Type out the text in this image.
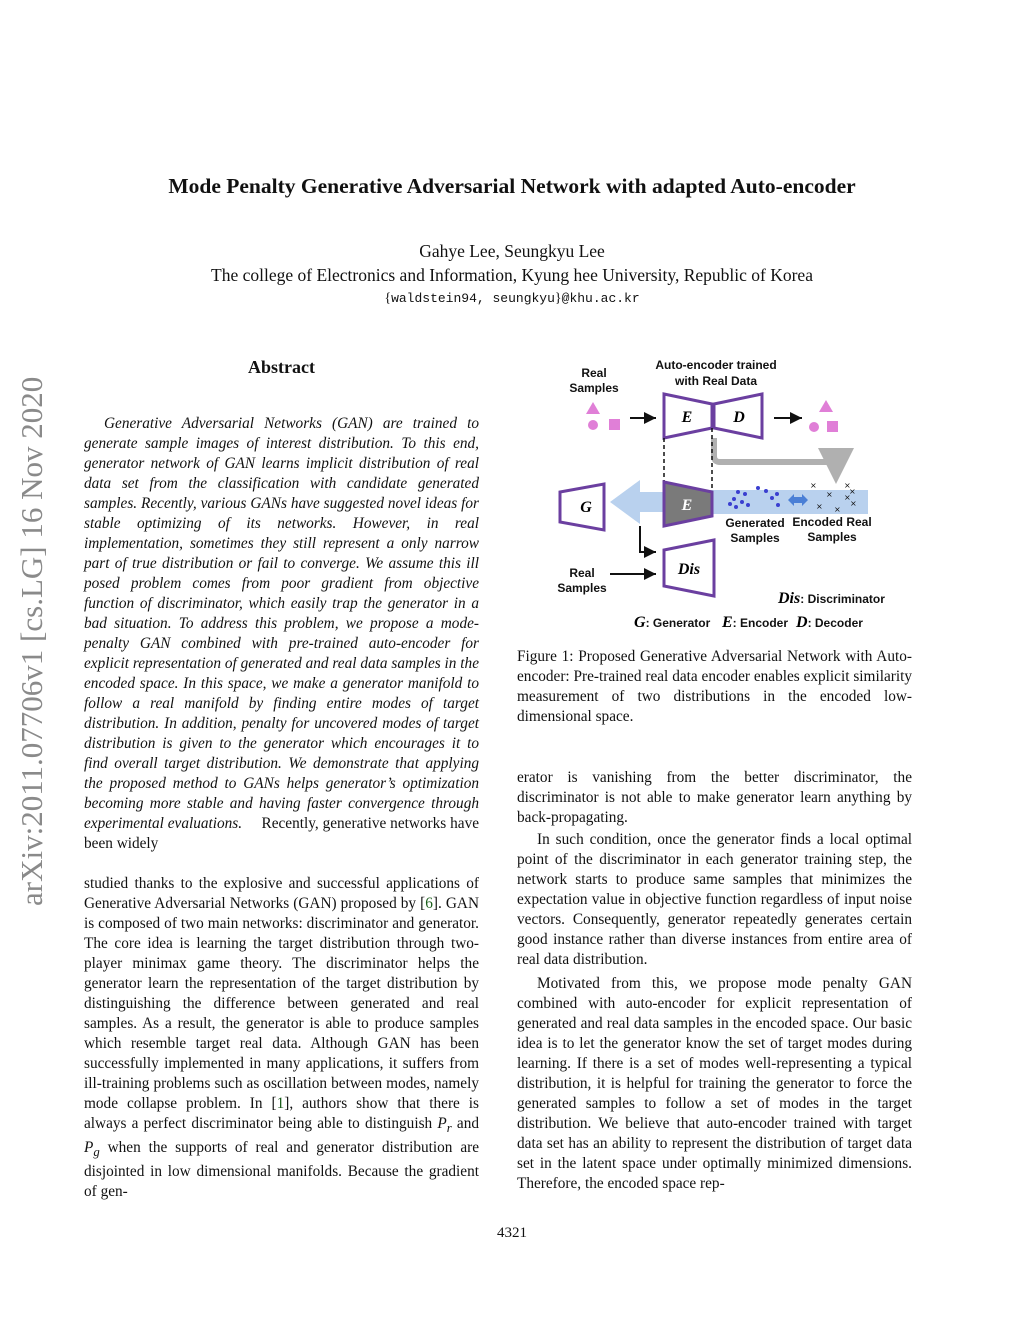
arXiv:2011.07706v1 [cs.LG] 16 Nov 2020
Mode Penalty Generative Adversarial Network with adapted Auto-encoder
Gahye Lee, Seungkyu Lee
The college of Electronics and Information, Kyung hee University, Republic of Korea
{waldstein94, seungkyu}@khu.ac.kr
Abstract
Generative Adversarial Networks (GAN) are trained to generate sample images of interest distribution. To this end, generator network of GAN learns implicit distribution of real data set from the classification with candidate generated samples. Recently, various GANs have suggested novel ideas for stable optimizing of its networks. However, in real implementation, sometimes they still represent a only narrow part of true distribution or fail to converge. We assume this ill posed problem comes from poor gradient from objective function of discriminator, which easily trap the generator in a bad situation. To address this problem, we propose a mode-penalty GAN combined with pre-trained auto-encoder for explicit representation of generated and real data samples in the encoded space. In this space, we make a generator manifold to follow a real manifold by finding entire modes of target distribution. In addition, penalty for uncovered modes of target distribution is given to the generator which encourages it to find overall target distribution. We demonstrate that applying the proposed method to GANs helps generator’s optimization becoming more stable and having faster convergence through experimental evaluations. Recently, generative networks have been widely

studied thanks to the explosive and successful applications of Generative Adversarial Networks (GAN) proposed by [6]. GAN is composed of two main networks: discriminator and generator. The core idea is learning the target distribution through two-player minimax game theory. The discriminator helps the generator learn the representation of the target distribution by distinguishing the difference between generated and real samples. As a result, the generator is able to produce samples which resemble target real data. Although GAN has been successfully implemented in many applications, it suffers from ill-training problems such as oscillation between modes, namely mode collapse problem. In [1], authors show that there is always a perfect discriminator being able to distinguish $P_r$ and $P_g$ when the supports of real and generator distribution are disjointed in low dimensional manifolds. Because the gradient of gen-

Auto-encoder trained
with Real Data
Real
Samples
E	D
G	E
×
×
×
×
×
×
×
×
Generated
Samples
Encoded Real
Samples
Real
Samples
Dis
Dis: Discriminator
G: Generator E: Encoder D: Decoder
Figure 1: Proposed Generative Adversarial Network with Auto-encoder: Pre-trained real data encoder enables explicit similarity measurement of two distributions in the encoded low-dimensional space.

erator is vanishing from the better discriminator, the discriminator is not able to make generator learn anything by back-propagating.

In such condition, once the generator finds a local optimal point of the discriminator in each generator training step, the network starts to produce same samples that minimizes the expectation value in objective function regardless of input noise vectors. Consequently, generator repeatedly generates certain good instance rather than diverse instances from entire area of real data distribution.

Motivated from this, we propose mode penalty GAN combined with auto-encoder for explicit representation of generated and real data samples in the encoded space. Our basic idea is to let the generator know the set of target modes during learning. If there is a set of modes well-representing a typical distribution, it is helpful for training the generator to force the generated samples to follow a set of modes in the target distribution. We believe that auto-encoder trained with target data set has an ability to represent the distribution of target data set in the latent space under optimally minimized dimensions. Therefore, the encoded space rep-

4321
